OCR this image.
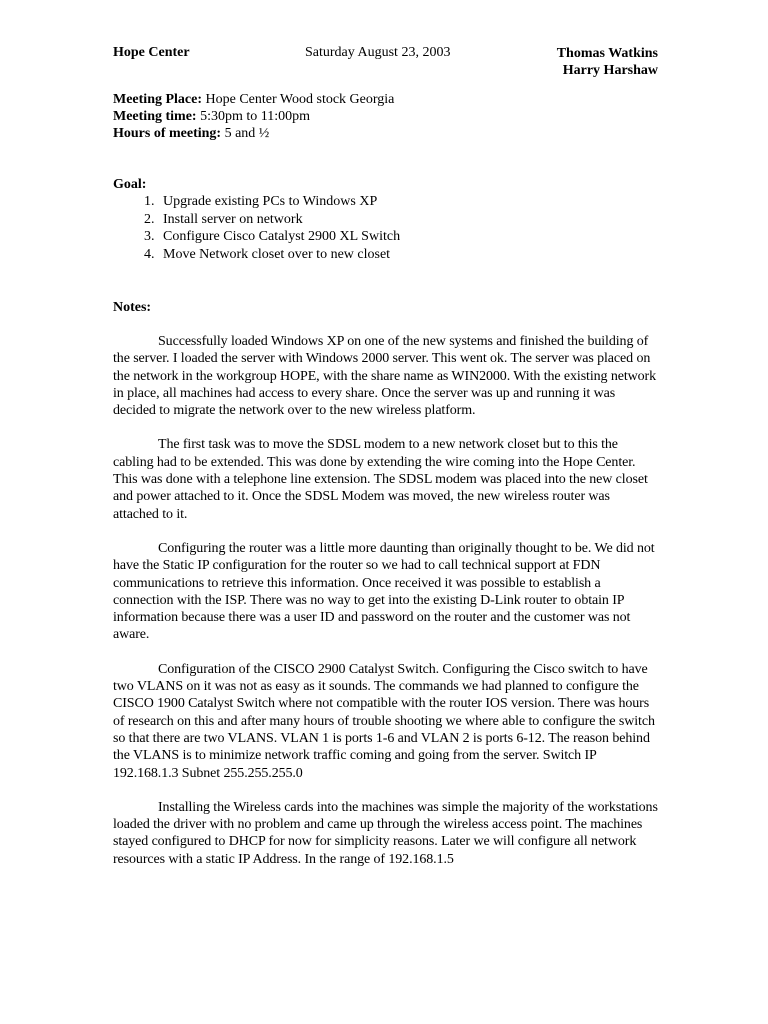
Hope Center	Saturday August 23, 2003	Thomas Watkins
Harry Harshaw
Meeting Place: Hope Center Wood stock Georgia
Meeting time: 5:30pm to 11:00pm
Hours of meeting: 5 and ½
Goal:
1. Upgrade existing PCs to Windows XP
2. Install server on network
3. Configure Cisco Catalyst 2900 XL Switch
4. Move Network closet over to new closet
Notes:

Successfully loaded Windows XP on one of the new systems and finished the building of the server. I loaded the server with Windows 2000 server. This went ok. The server was placed on the network in the workgroup HOPE, with the share name as WIN2000. With the existing network in place, all machines had access to every share. Once the server was up and running it was decided to migrate the network over to the new wireless platform.

The first task was to move the SDSL modem to a new network closet but to this the cabling had to be extended. This was done by extending the wire coming into the Hope Center. This was done with a telephone line extension. The SDSL modem was placed into the new closet and power attached to it. Once the SDSL Modem was moved, the new wireless router was attached to it.

Configuring the router was a little more daunting than originally thought to be. We did not have the Static IP configuration for the router so we had to call technical support at FDN communications to retrieve this information. Once received it was possible to establish a connection with the ISP. There was no way to get into the existing D-Link router to obtain IP information because there was a user ID and password on the router and the customer was not aware.

Configuration of the CISCO 2900 Catalyst Switch. Configuring the Cisco switch to have two VLANS on it was not as easy as it sounds. The commands we had planned to configure the CISCO 1900 Catalyst Switch where not compatible with the router IOS version. There was hours of research on this and after many hours of trouble shooting we where able to configure the switch so that there are two VLANS. VLAN 1 is ports 1-6 and VLAN 2 is ports 6-12. The reason behind the VLANS is to minimize network traffic coming and going from the server. Switch IP 192.168.1.3 Subnet 255.255.255.0

Installing the Wireless cards into the machines was simple the majority of the workstations loaded the driver with no problem and came up through the wireless access point. The machines stayed configured to DHCP for now for simplicity reasons. Later we will configure all network resources with a static IP Address. In the range of 192.168.1.5
